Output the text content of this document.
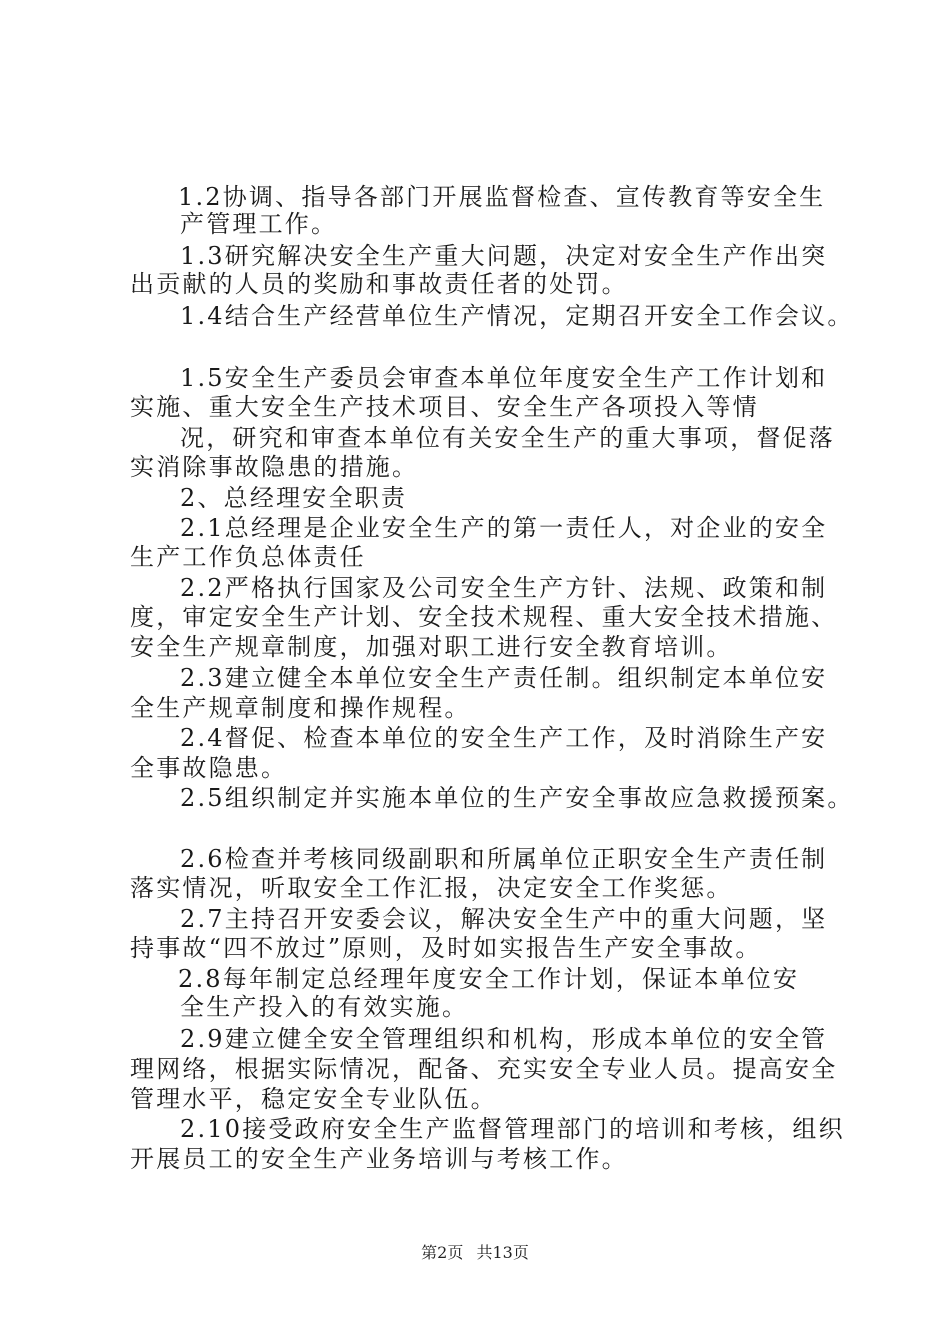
1.2协调、指导各部门开展监督检查、宣传教育等安全生
产管理工作。
1.3研究解决安全生产重大问题，决定对安全生产作出突
出贡献的人员的奖励和事故责任者的处罚。
1.4结合生产经营单位生产情况，定期召开安全工作会议。
1.5安全生产委员会审查本单位年度安全生产工作计划和
实施、重大安全生产技术项目、安全生产各项投入等情
况，研究和审查本单位有关安全生产的重大事项，督促落
实消除事故隐患的措施。
2、总经理安全职责
2.1总经理是企业安全生产的第一责任人，对企业的安全
生产工作负总体责任
2.2严格执行国家及公司安全生产方针、法规、政策和制
度，审定安全生产计划、安全技术规程、重大安全技术措施、
安全生产规章制度，加强对职工进行安全教育培训。
2.3建立健全本单位安全生产责任制。组织制定本单位安
全生产规章制度和操作规程。
2.4督促、检查本单位的安全生产工作，及时消除生产安
全事故隐患。
2.5组织制定并实施本单位的生产安全事故应急救援预案。
2.6检查并考核同级副职和所属单位正职安全生产责任制
落实情况，听取安全工作汇报，决定安全工作奖惩。
2.7主持召开安委会议，解决安全生产中的重大问题，坚
持事故“四不放过”原则，及时如实报告生产安全事故。
2.8每年制定总经理年度安全工作计划，保证本单位安
全生产投入的有效实施。
2.9建立健全安全管理组织和机构，形成本单位的安全管
理网络，根据实际情况，配备、充实安全专业人员。提高安全
管理水平，稳定安全专业队伍。
2.10接受政府安全生产监督管理部门的培训和考核，组织
开展员工的安全生产业务培训与考核工作。
第2页 共13页
